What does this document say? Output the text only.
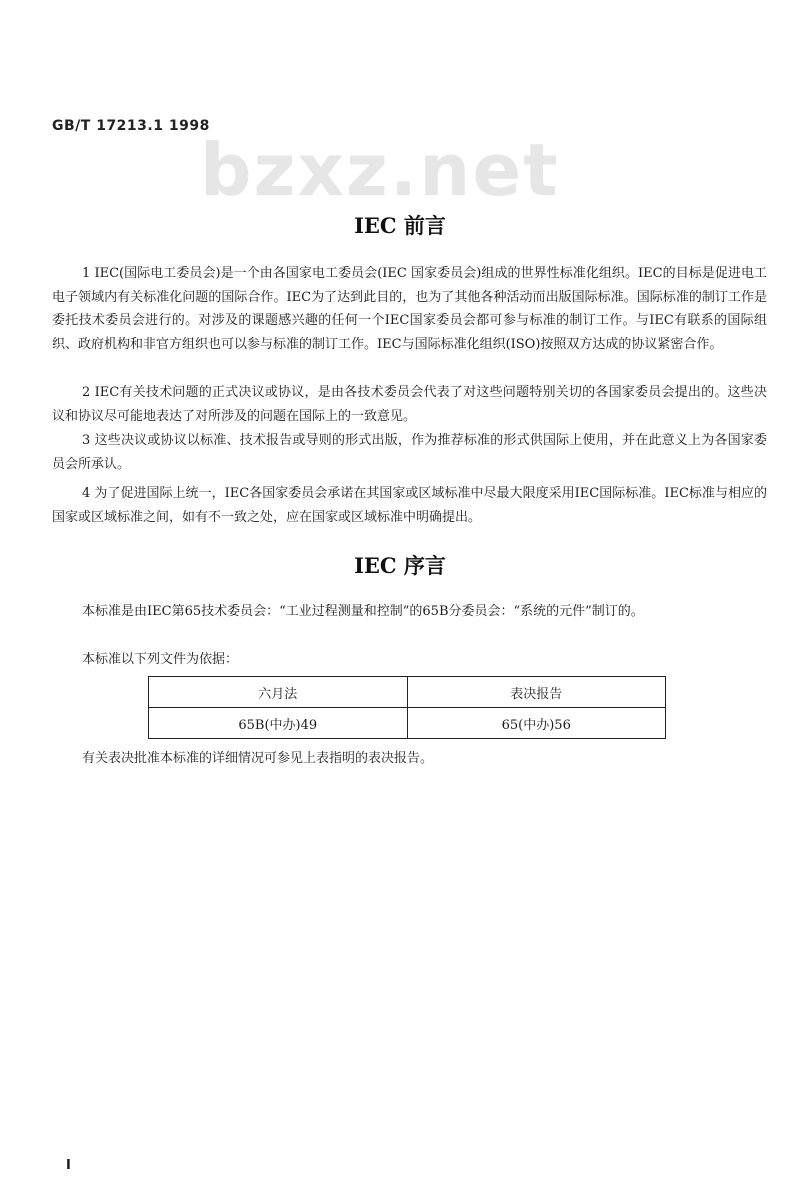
GB/T 17213.1 1998
bzxz.net
IEC 前言

1 IEC(国际电工委员会)是一个由各国家电工委员会(IEC 国家委员会)组成的世界性标准化组织。IEC的目标是促进电工电子领域内有关标准化问题的国际合作。IEC为了达到此目的，也为了其他各种活动而出版国际标准。国际标准的制订工作是委托技术委员会进行的。对涉及的课题感兴趣的任何一个IEC国家委员会都可参与标准的制订工作。与IEC有联系的国际组织、政府机构和非官方组织也可以参与标准的制订工作。IEC与国际标准化组织(ISO)按照双方达成的协议紧密合作。

2 IEC有关技术问题的正式决议或协议，是由各技术委员会代表了对这些问题特别关切的各国家委员会提出的。这些决议和协议尽可能地表达了对所涉及的问题在国际上的一致意见。

3 这些决议或协议以标准、技术报告或导则的形式出版，作为推荐标准的形式供国际上使用，并在此意义上为各国家委员会所承认。

4 为了促进国际上统一，IEC各国家委员会承诺在其国家或区域标准中尽最大限度采用IEC国际标准。IEC标准与相应的国家或区域标准之间，如有不一致之处，应在国家或区域标准中明确提出。

IEC 序言

本标准是由IEC第65技术委员会：“工业过程测量和控制”的65B分委员会：“系统的元件”制订的。

本标准以下列文件为依据：

六月法	表决报告
65B(中办)49	65(中办)56

有关表决批准本标准的详细情况可参见上表指明的表决报告。

I
